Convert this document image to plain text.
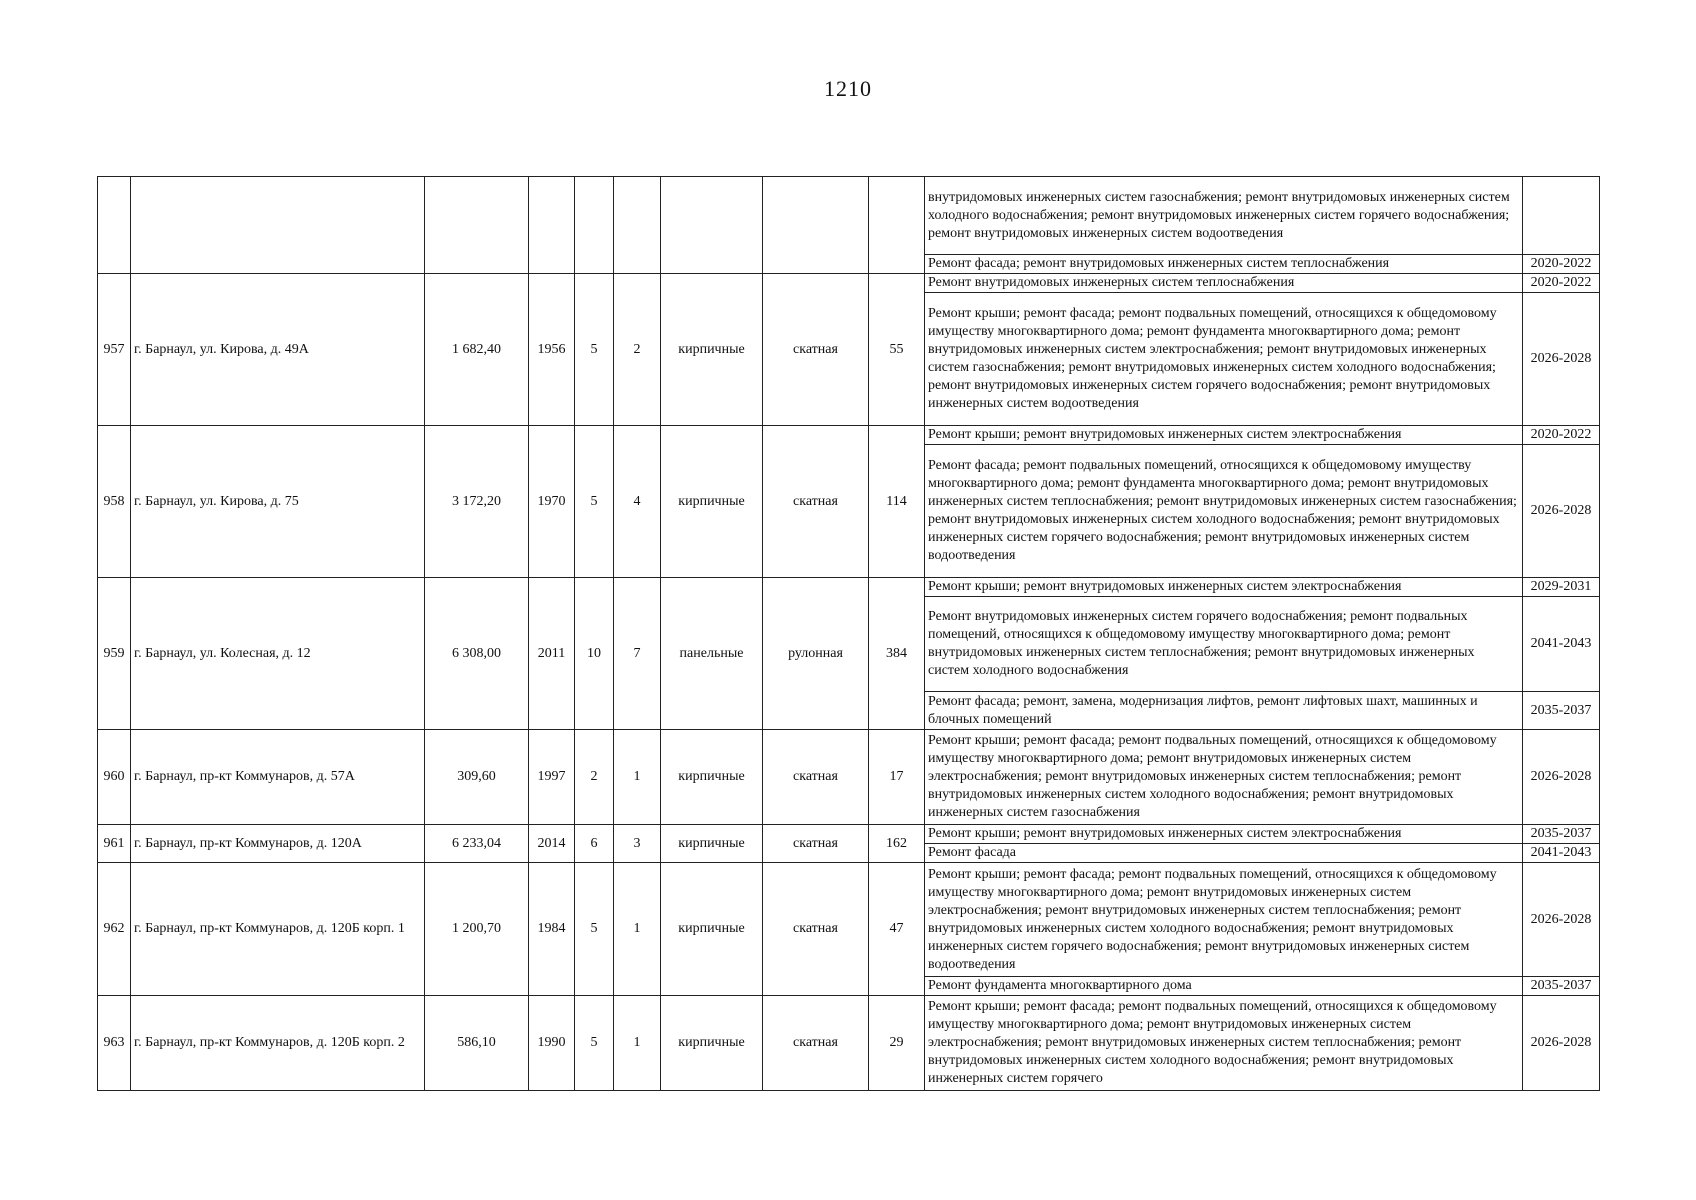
1210
									внутридомовых инженерных систем газоснабжения; ремонт внутридомовых инженерных систем холодного водоснабжения; ремонт внутридомовых инженерных систем горячего водоснабжения; ремонт внутридомовых инженерных систем водоотведения	
									Ремонт фасада; ремонт внутридомовых инженерных систем теплоснабжения	2020-2022
957	г. Барнаул, ул. Кирова, д. 49А	1 682,40	1956	5	2	кирпичные	скатная	55	Ремонт внутридомовых инженерных систем теплоснабжения	2020-2022
									Ремонт крыши; ремонт фасада; ремонт подвальных помещений, относящихся к общедомовому имуществу многоквартирного дома; ремонт фундамента многоквартирного дома; ремонт внутридомовых инженерных систем электроснабжения; ремонт внутридомовых инженерных систем газоснабжения; ремонт внутридомовых инженерных систем холодного водоснабжения; ремонт внутридомовых инженерных систем горячего водоснабжения; ремонт внутридомовых инженерных систем водоотведения	2026-2028
958	г. Барнаул, ул. Кирова, д. 75	3 172,20	1970	5	4	кирпичные	скатная	114	Ремонт крыши; ремонт внутридомовых инженерных систем электроснабжения	2020-2022
									Ремонт фасада; ремонт подвальных помещений, относящихся к общедомовому имуществу многоквартирного дома; ремонт фундамента многоквартирного дома; ремонт внутридомовых инженерных систем теплоснабжения; ремонт внутридомовых инженерных систем газоснабжения; ремонт внутридомовых инженерных систем холодного водоснабжения; ремонт внутридомовых инженерных систем горячего водоснабжения; ремонт внутридомовых инженерных систем водоотведения	2026-2028
959	г. Барнаул, ул. Колесная, д. 12	6 308,00	2011	10	7	панельные	рулонная	384	Ремонт крыши; ремонт внутридомовых инженерных систем электроснабжения	2029-2031
									Ремонт внутридомовых инженерных систем горячего водоснабжения; ремонт подвальных помещений, относящихся к общедомовому имуществу многоквартирного дома; ремонт внутридомовых инженерных систем теплоснабжения; ремонт внутридомовых инженерных систем холодного водоснабжения	2041-2043
									Ремонт фасада; ремонт, замена, модернизация лифтов, ремонт лифтовых шахт, машинных и блочных помещений	2035-2037
960	г. Барнаул, пр-кт Коммунаров, д. 57А	309,60	1997	2	1	кирпичные	скатная	17	Ремонт крыши; ремонт фасада; ремонт подвальных помещений, относящихся к общедомовому имуществу многоквартирного дома; ремонт внутридомовых инженерных систем электроснабжения; ремонт внутридомовых инженерных систем теплоснабжения; ремонт внутридомовых инженерных систем холодного водоснабжения; ремонт внутридомовых инженерных систем газоснабжения	2026-2028
961	г. Барнаул, пр-кт Коммунаров, д. 120А	6 233,04	2014	6	3	кирпичные	скатная	162	Ремонт крыши; ремонт внутридомовых инженерных систем электроснабжения	2035-2037
									Ремонт фасада	2041-2043
962	г. Барнаул, пр-кт Коммунаров, д. 120Б корп. 1	1 200,70	1984	5	1	кирпичные	скатная	47	Ремонт крыши; ремонт фасада; ремонт подвальных помещений, относящихся к общедомовому имуществу многоквартирного дома; ремонт внутридомовых инженерных систем электроснабжения; ремонт внутридомовых инженерных систем теплоснабжения; ремонт внутридомовых инженерных систем холодного водоснабжения; ремонт внутридомовых инженерных систем горячего водоснабжения; ремонт внутридомовых инженерных систем водоотведения	2026-2028
									Ремонт фундамента многоквартирного дома	2035-2037
963	г. Барнаул, пр-кт Коммунаров, д. 120Б корп. 2	586,10	1990	5	1	кирпичные	скатная	29	Ремонт крыши; ремонт фасада; ремонт подвальных помещений, относящихся к общедомовому имуществу многоквартирного дома; ремонт внутридомовых инженерных систем электроснабжения; ремонт внутридомовых инженерных систем теплоснабжения; ремонт внутридомовых инженерных систем холодного водоснабжения; ремонт внутридомовых инженерных систем горячего	2026-2028
